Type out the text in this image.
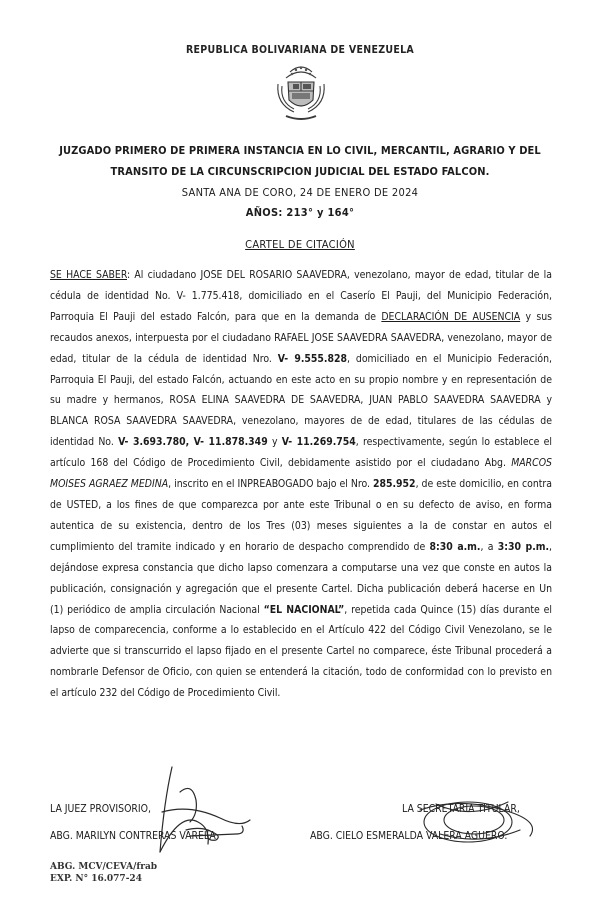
REPUBLICA BOLIVARIANA DE VENEZUELA
JUZGADO PRIMERO DE PRIMERA INSTANCIA EN LO CIVIL, MERCANTIL, AGRARIO Y DEL
TRANSITO DE LA CIRCUNSCRIPCION JUDICIAL DEL ESTADO FALCON.
SANTA ANA DE CORO, 24 DE ENERO DE 2024
AÑOS: 213° y 164°
CARTEL DE CITACIÓN
SE HACE SABER: Al ciudadano JOSE DEL ROSARIO SAAVEDRA, venezolano, mayor de edad, titular de la cédula de identidad No. V- 1.775.418, domiciliado en el Caserío El Pauji, del Municipio Federación, Parroquia El Pauji del estado Falcón, para que en la demanda de DECLARACIÓN DE AUSENCIA y sus recaudos anexos, interpuesta por el ciudadano RAFAEL JOSE SAAVEDRA SAAVEDRA, venezolano, mayor de edad, titular de la cédula de identidad Nro. V- 9.555.828, domiciliado en el Municipio Federación, Parroquia El Pauji, del estado Falcón, actuando en este acto en su propio nombre y en representación de su madre y hermanos, ROSA ELINA SAAVEDRA DE SAAVEDRA, JUAN PABLO SAAVEDRA SAAVEDRA y BLANCA ROSA SAAVEDRA SAAVEDRA, venezolano, mayores de de edad, titulares de las cédulas de identidad No. V- 3.693.780, V- 11.878.349 y V- 11.269.754, respectivamente, según lo establece el artículo 168 del Código de Procedimiento Civil, debidamente asistido por el ciudadano Abg. MARCOS MOISES AGRAEZ MEDINA, inscrito en el INPREABOGADO bajo el Nro. 285.952, de este domicilio, en contra de USTED, a los fines de que comparezca por ante este Tribunal o en su defecto de aviso, en forma autentica de su existencia, dentro de los Tres (03) meses siguientes a la de constar en autos el cumplimiento del tramite indicado y en horario de despacho comprendido de 8:30 a.m., a 3:30 p.m., dejándose expresa constancia que dicho lapso comenzara a computarse una vez que conste en autos la publicación, consignación y agregación que el presente Cartel. Dicha publicación deberá hacerse en Un (1) periódico de amplia circulación Nacional “EL NACIONAL”, repetida cada Quince (15) días durante el lapso de comparecencia, conforme a lo establecido en el Artículo 422 del Código Civil Venezolano, se le advierte que si transcurrido el lapso fijado en el presente Cartel no comparece, éste Tribunal procederá a nombrarle Defensor de Oficio, con quien se entenderá la citación, todo de conformidad con lo previsto en el artículo 232 del Código de Procedimiento Civil.
LA JUEZ PROVISORIO,	LA SECRETARIA TITULAR,
ABG. MARILYN CONTRERAS VARELA	ABG. CIELO ESMERALDA VALERA AGUERO.
ABG. MCV/CEVA/frab
EXP. N° 16.077-24
